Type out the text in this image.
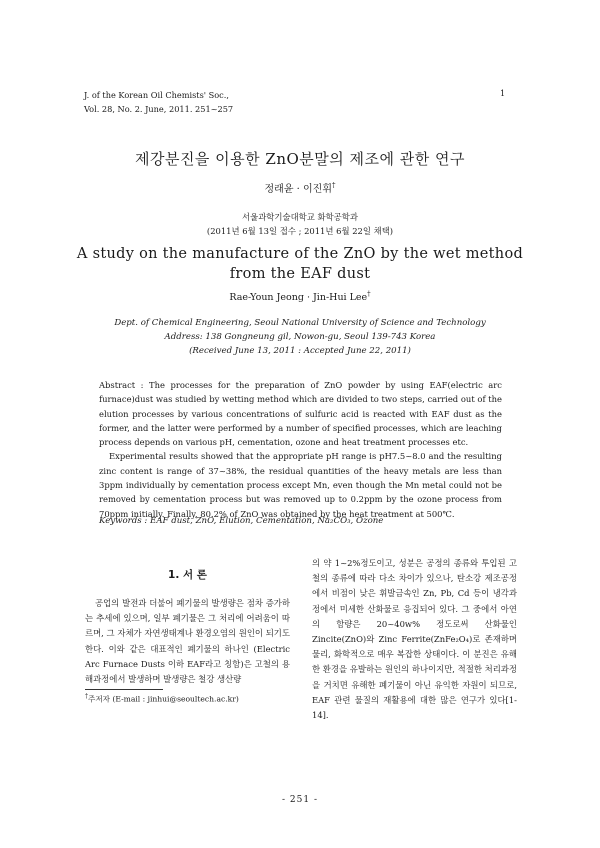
J. of the Korean Oil Chemists' Soc.,
Vol. 28, No. 2. June, 2011. 251~257
1
제강분진을 이용한 ZnO분말의 제조에 관한 연구
정래윤 · 이진휘†
서울과학기술대학교 화학공학과
(2011년 6월 13일 접수 ; 2011년 6월 22일 채택)
A study on the manufacture of the ZnO by the wet method
from the EAF dust
Rae-Youn Jeong · Jin-Hui Lee†
Dept. of Chemical Engineering, Seoul National University of Science and Technology
Address: 138 Gongneung gil, Nowon-gu, Seoul 139-743 Korea
(Received June 13, 2011 : Accepted June 22, 2011)

Abstract : The processes for the preparation of ZnO powder by using EAF(electric arc furnace)dust was studied by wetting method which are divided to two steps, carried out of the elution processes by various concentrations of sulfuric acid is reacted with EAF dust as the former, and the latter were performed by a number of specified processes, which are leaching process depends on various pH, cementation, ozone and heat treatment processes etc.

Experimental results showed that the appropriate pH range is pH7.5~8.0 and the resulting zinc content is range of 37~38%, the residual quantities of the heavy metals are less than 3ppm individually by cementation process except Mn, even though the Mn metal could not be removed by cementation process but was removed up to 0.2ppm by the ozone process from 70ppm initially. Finally, 80.2% of ZnO was obtained by the heat treatment at 500℃.

Keywords : EAF dust, ZnO, Elution, Cementation, Na₂CO₃, Ozone
1. 서 론

공업의 발전과 더불어 폐기물의 발생량은 점차 증가하는 추세에 있으며, 일부 폐기물은 그 처리에 어려움이 따르며, 그 자체가 자연생태계나 환경오염의 원인이 되기도 한다. 이와 같은 대표적인 폐기물의 하나인 (Electric Arc Furnace Dusts 이하 EAF라고 칭함)은 고철의 용해과정에서 발생하며 발생량은 철강 생산량

의 약 1~2%정도이고, 성분은 공정의 종류와 투입된 고철의 종류에 따라 다소 차이가 있으나, 탄소강 제조공정에서 비점이 낮은 휘발금속인 Zn, Pb, Cd 등이 냉각과정에서 미세한 산화물로 응집되어 있다. 그 중에서 아연의 함량은 20~40w% 정도로써 산화물인 Zincite(ZnO)와 Zinc Ferrite(ZnFe₂O₄)로 존재하며 물리, 화학적으로 매우 복잡한 상태이다. 이 분진은 유해한 환경을 유발하는 원인의 하나이지만, 적절한 처리과정을 거치면 유해한 폐기물이 아닌 유익한 자원이 되므로, EAF 관련 물질의 재활용에 대한 많은 연구가 있다[1-14].

†주저자 (E-mail : jinhui@seoultech.ac.kr)
- 251 -
